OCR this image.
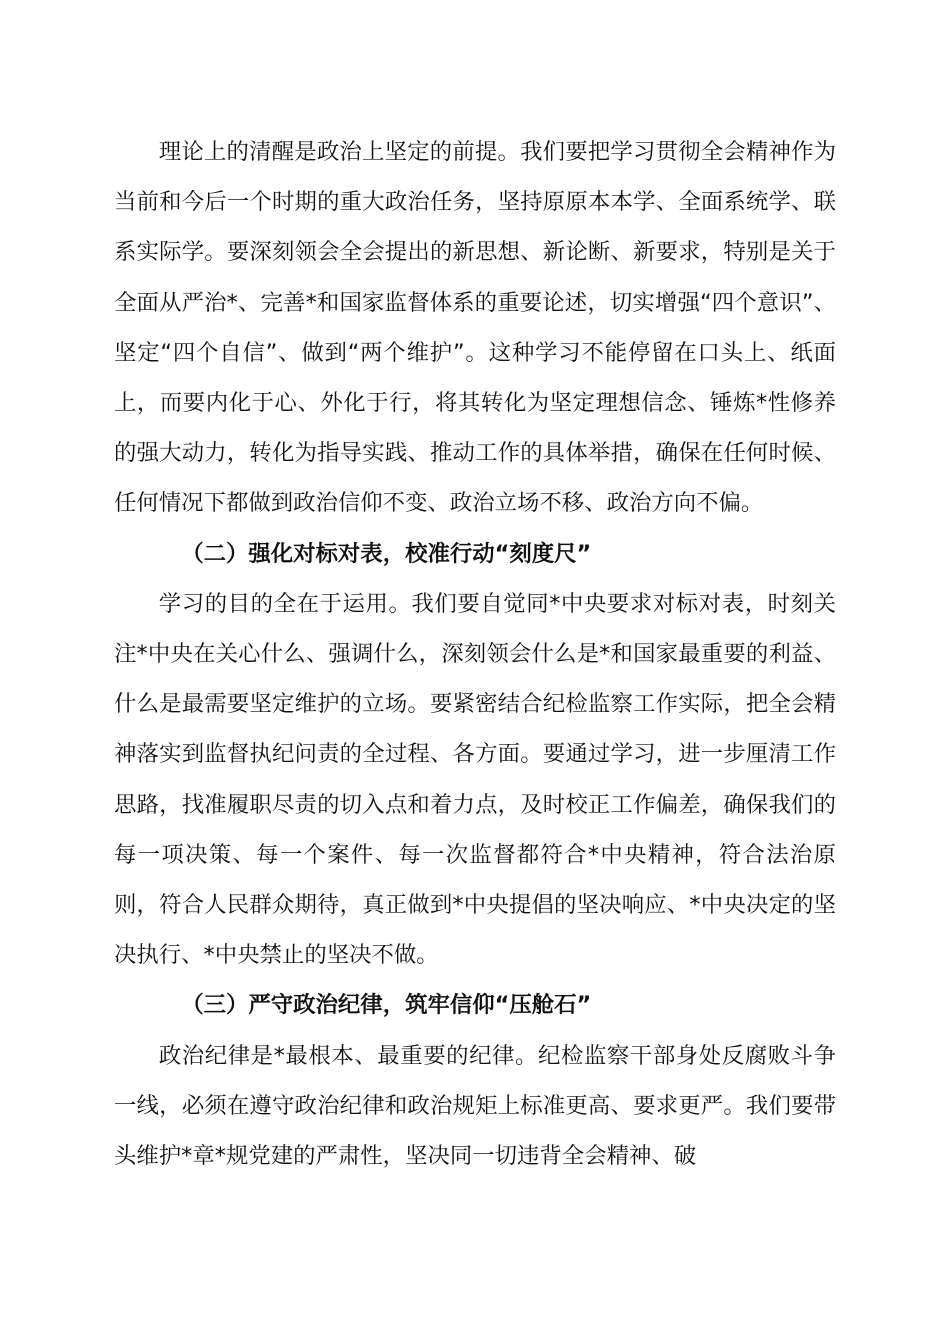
理论上的清醒是政治上坚定的前提。我们要把学习贯彻全会精神作为当前和今后一个时期的重大政治任务，坚持原原本本学、全面系统学、联系实际学。要深刻领会全会提出的新思想、新论断、新要求，特别是关于全面从严治*、完善*和国家监督体系的重要论述，切实增强“四个意识”、坚定“四个自信”、做到“两个维护”。这种学习不能停留在口头上、纸面上，而要内化于心、外化于行，将其转化为坚定理想信念、锤炼*性修养的强大动力，转化为指导实践、推动工作的具体举措，确保在任何时候、任何情况下都做到政治信仰不变、政治立场不移、政治方向不偏。

（二）强化对标对表，校准行动“刻度尺”

学习的目的全在于运用。我们要自觉同*中央要求对标对表，时刻关注*中央在关心什么、强调什么，深刻领会什么是*和国家最重要的利益、什么是最需要坚定维护的立场。要紧密结合纪检监察工作实际，把全会精神落实到监督执纪问责的全过程、各方面。要通过学习，进一步厘清工作思路，找准履职尽责的切入点和着力点，及时校正工作偏差，确保我们的每一项决策、每一个案件、每一次监督都符合*中央精神，符合法治原则，符合人民群众期待，真正做到*中央提倡的坚决响应、*中央决定的坚决执行、*中央禁止的坚决不做。

（三）严守政治纪律，筑牢信仰“压舱石”

政治纪律是*最根本、最重要的纪律。纪检监察干部身处反腐败斗争一线，必须在遵守政治纪律和政治规矩上标准更高、要求更严。我们要带头维护*章*规党建的严肃性，坚决同一切违背全会精神、破
